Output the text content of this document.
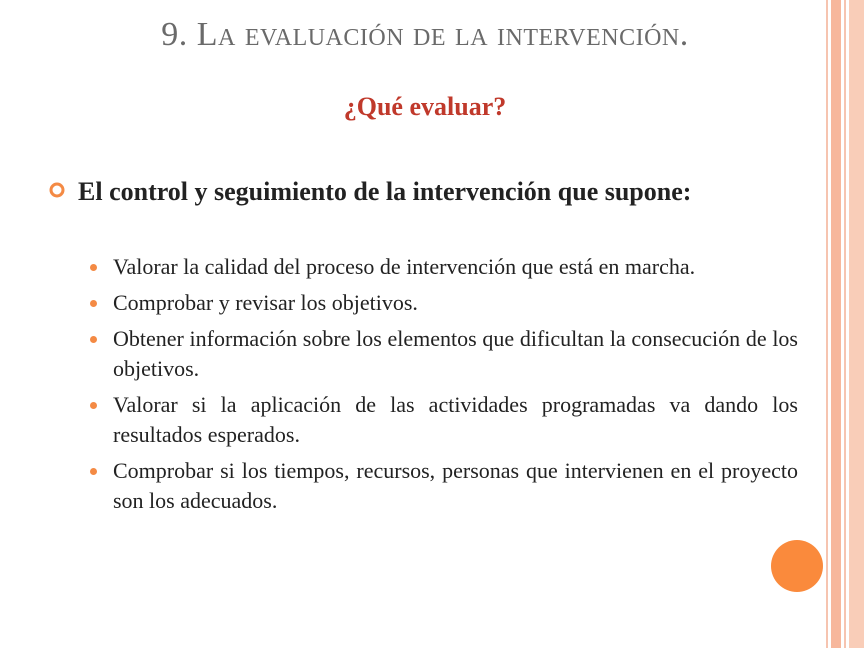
9. La evaluación de la intervención.
¿Qué evaluar?
El control y seguimiento de la intervención que supone:
Valorar la calidad del proceso de intervención que está en marcha.
Comprobar y revisar los objetivos.
Obtener información sobre los elementos que dificultan la consecución de los objetivos.
Valorar si la aplicación de las actividades programadas va dando los resultados esperados.
Comprobar si los tiempos, recursos, personas que intervienen en el proyecto son los adecuados.
